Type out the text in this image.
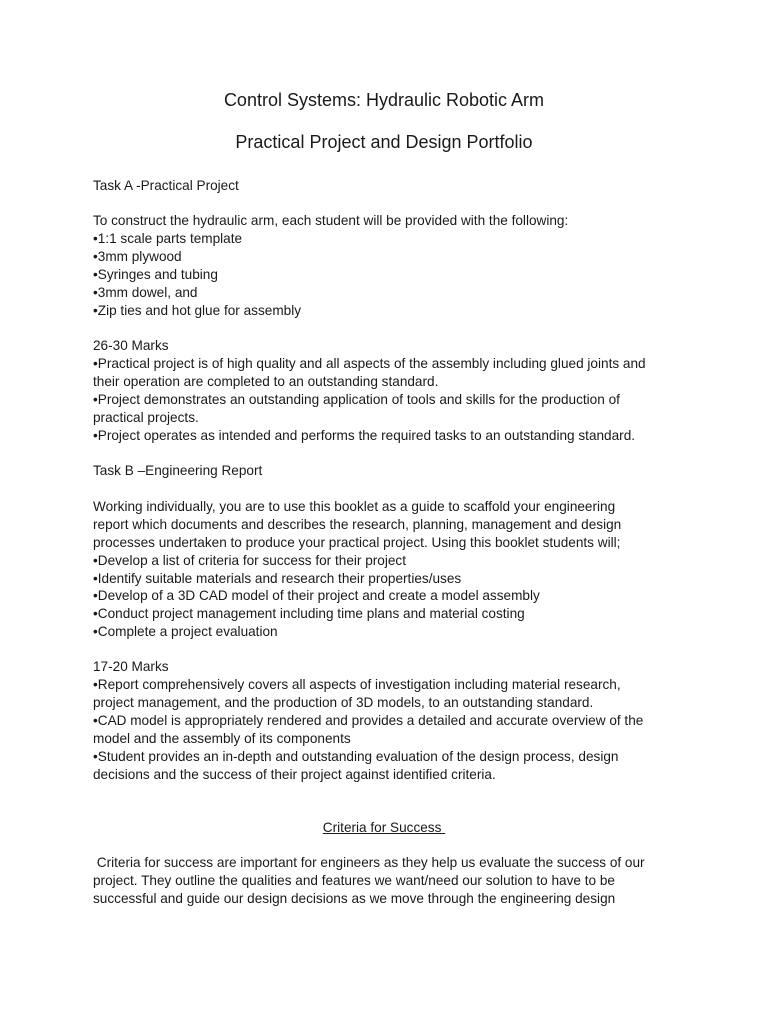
Control Systems: Hydraulic Robotic Arm
Practical Project and Design Portfolio
Task A -Practical Project
To construct the hydraulic arm, each student will be provided with the following:
•1:1 scale parts template
•3mm plywood
•Syringes and tubing
•3mm dowel, and
•Zip ties and hot glue for assembly
26-30 Marks
•Practical project is of high quality and all aspects of the assembly including glued joints and
their operation are completed to an outstanding standard.
•Project demonstrates an outstanding application of tools and skills for the production of
practical projects.
•Project operates as intended and performs the required tasks to an outstanding standard.
Task B –Engineering Report
Working individually, you are to use this booklet as a guide to scaffold your engineering
report which documents and describes the research, planning, management and design
processes undertaken to produce your practical project. Using this booklet students will;
•Develop a list of criteria for success for their project
•Identify suitable materials and research their properties/uses
•Develop of a 3D CAD model of their project and create a model assembly
•Conduct project management including time plans and material costing
•Complete a project evaluation
17-20 Marks
•Report comprehensively covers all aspects of investigation including material research,
project management, and the production of 3D models, to an outstanding standard.
•CAD model is appropriately rendered and provides a detailed and accurate overview of the
model and the assembly of its components
•Student provides an in-depth and outstanding evaluation of the design process, design
decisions and the success of their project against identified criteria.
Criteria for Success
Criteria for success are important for engineers as they help us evaluate the success of our
project. They outline the qualities and features we want/need our solution to have to be
successful and guide our design decisions as we move through the engineering design
